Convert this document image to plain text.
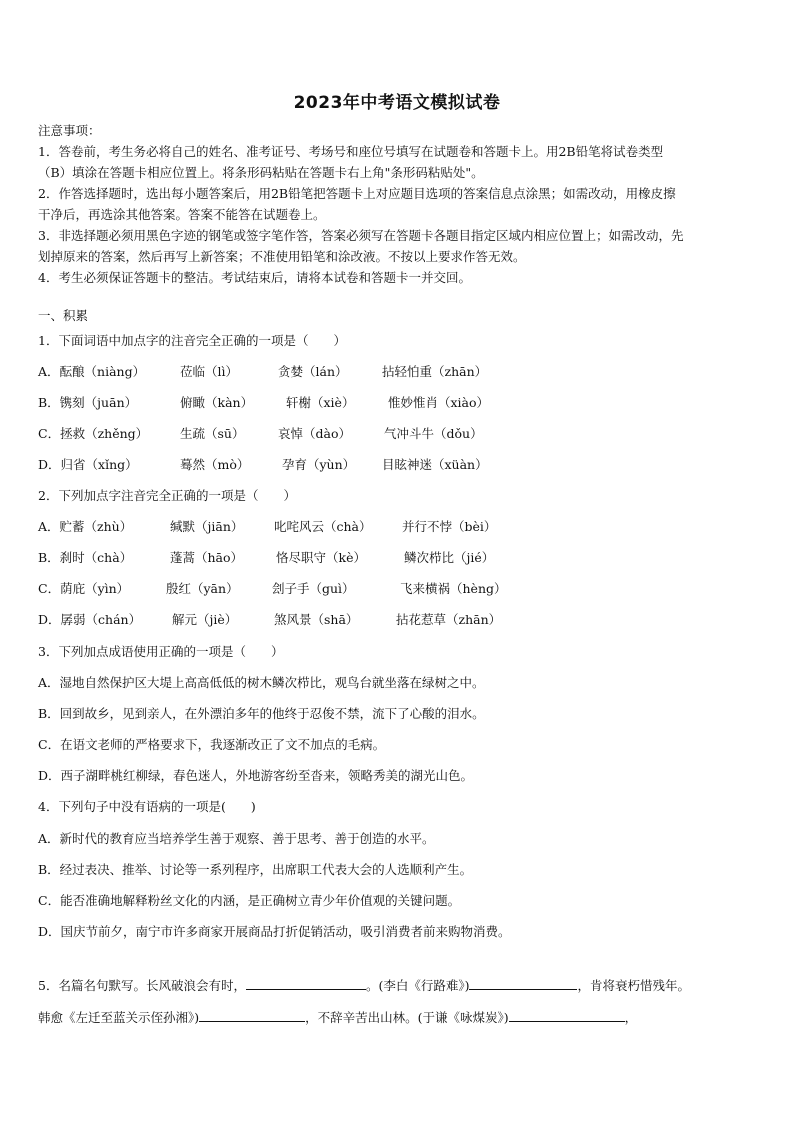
2023年中考语文模拟试卷
注意事项：
1．答卷前，考生务必将自己的姓名、准考证号、考场号和座位号填写在试题卷和答题卡上。用2B铅笔将试卷类型
（B）填涂在答题卡相应位置上。将条形码粘贴在答题卡右上角"条形码粘贴处"。
2．作答选择题时，选出每小题答案后，用2B铅笔把答题卡上对应题目选项的答案信息点涂黑；如需改动，用橡皮擦
干净后，再选涂其他答案。答案不能答在试题卷上。
3．非选择题必须用黑色字迹的钢笔或签字笔作答，答案必须写在答题卡各题目指定区域内相应位置上；如需改动，先
划掉原来的答案，然后再写上新答案；不准使用铅笔和涂改液。不按以上要求作答无效。
4．考生必须保证答题卡的整洁。考试结束后，请将本试卷和答题卡一并交回。
一、积累
1．下面词语中加点字的注音完全正确的一项是（　　）
A．酝酿（niàng）	莅临（lì）	贪婪（lán）	拈轻怕重（zhān）
B．镌刻（juān）	俯瞰（kàn）	轩榭（xiè）	惟妙惟肖（xiào）
C．拯救（zhěng）	生疏（sū）	哀悼（dào）	气冲斗牛（dǒu）
D．归省（xǐng）	蓦然（mò）	孕育（yùn） 目眩神迷（xüàn）
2．下列加点字注音完全正确的一项是（　　）
A．贮蓄（zhù）	缄默（jiān） 叱咤风云（chà） 并行不悖（bèi）
B．刹时（chà）	蓬蒿（hāo）	恪尽职守（kè）	鳞次栉比（jié）
C．荫庇（yìn）	殷红（yān）	刽子手（guì）	飞来横祸（hèng）
D．孱弱（chán） 解元（jiè）	煞风景（shā）	拈花惹草（zhān）
3．下列加点成语使用正确的一项是（　　）
A．湿地自然保护区大堤上高高低低的树木鳞次栉比，观鸟台就坐落在绿树之中。
B．回到故乡，见到亲人，在外漂泊多年的他终于忍俊不禁，流下了心酸的泪水。
C．在语文老师的严格要求下，我逐渐改正了文不加点的毛病。
D．西子湖畔桃红柳绿，春色迷人，外地游客纷至沓来，领略秀美的湖光山色。
4．下列句子中没有语病的一项是(　　)
A．新时代的教育应当培养学生善于观察、善于思考、善于创造的水平。
B．经过表决、推举、讨论等一系列程序，出席职工代表大会的人选顺利产生。
C．能否准确地解释粉丝文化的内涵，是正确树立青少年价值观的关键问题。
D．国庆节前夕，南宁市许多商家开展商品打折促销活动，吸引消费者前来购物消费。
5．名篇名句默写。长风破浪会有时，	。(李白《行路难》)	，肯将衰朽惜残年。
韩愈《左迁至蓝关示侄孙湘》)	，不辞辛苦出山林。(于谦《咏煤炭》)	，
